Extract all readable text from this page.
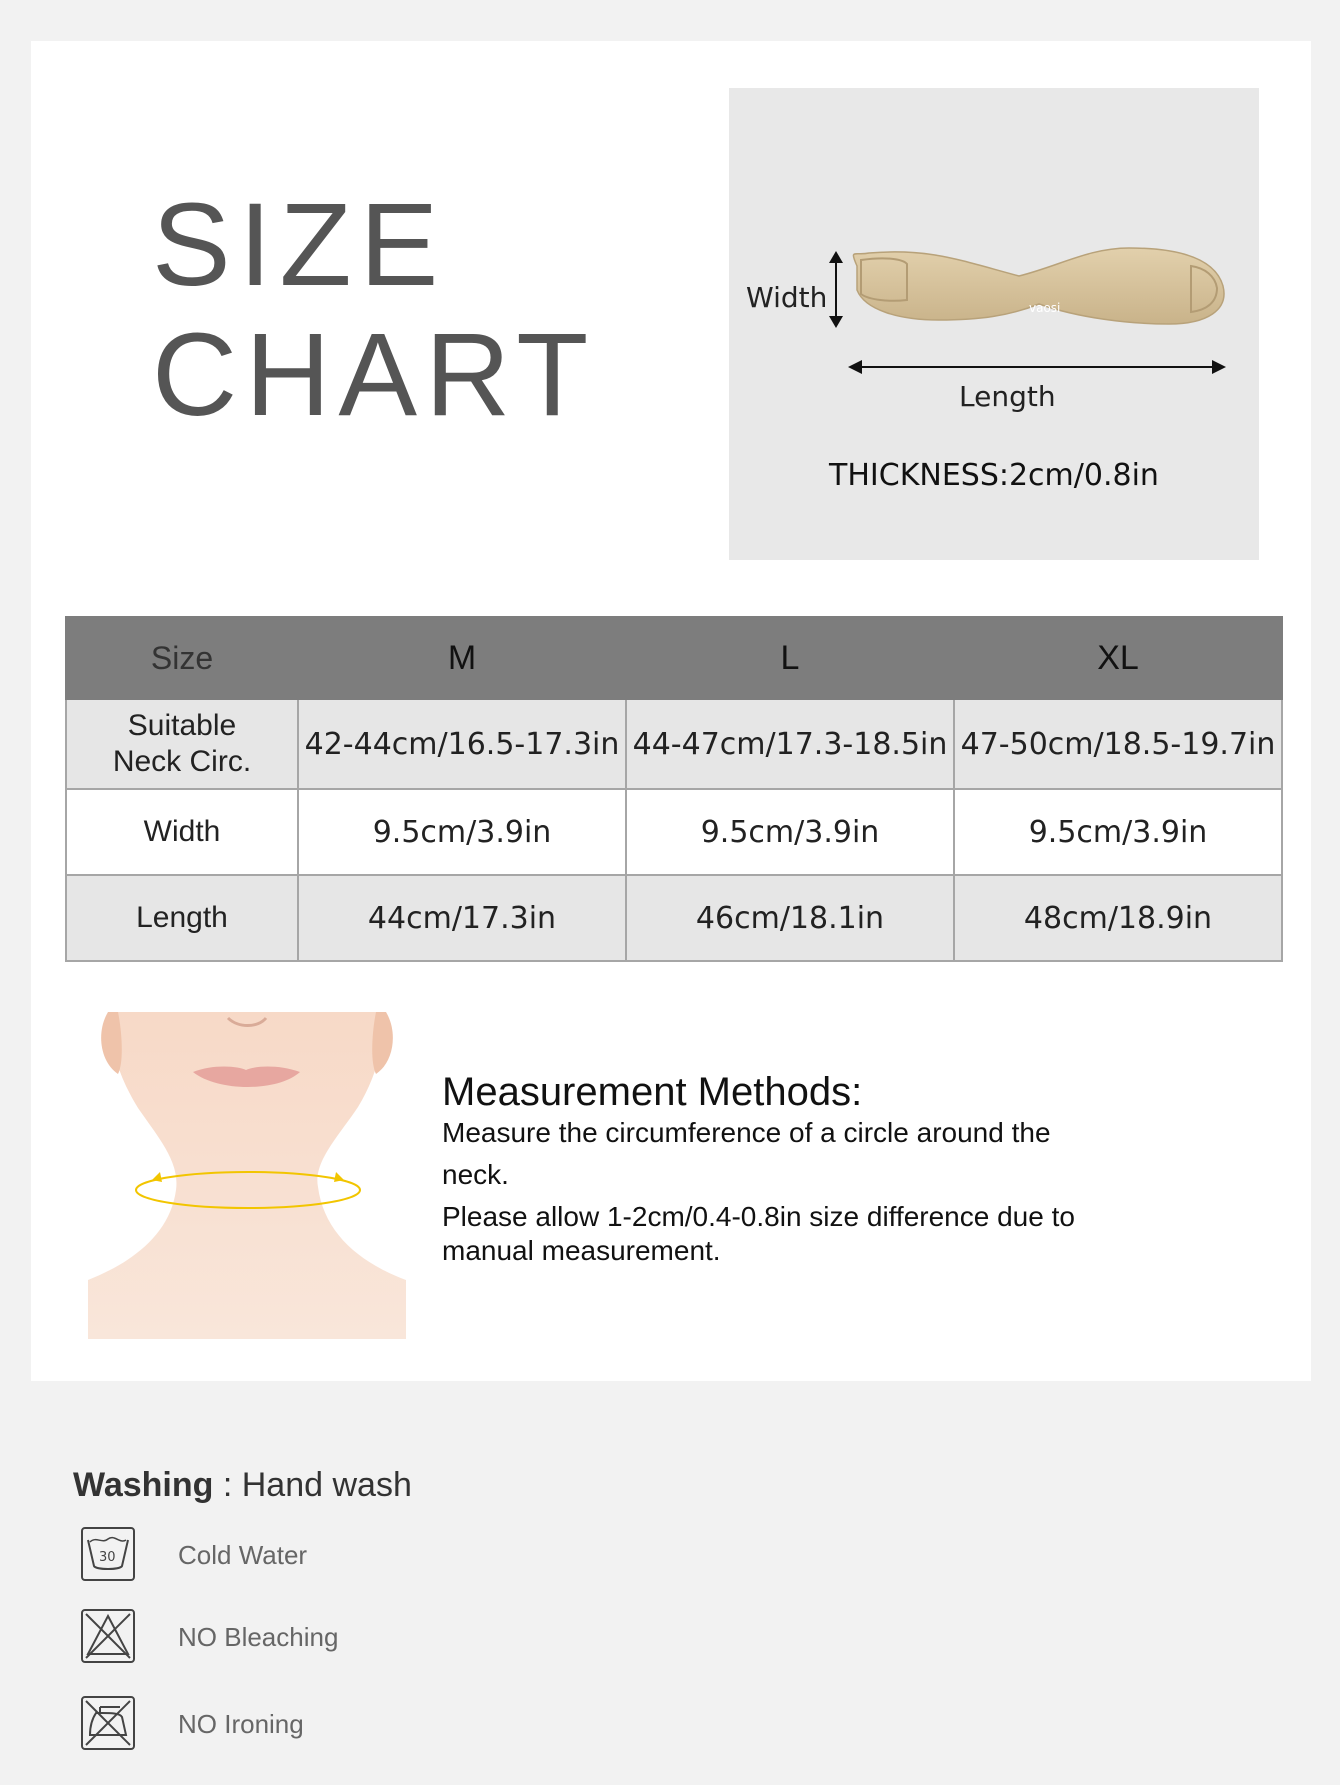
SIZE
CHART
vaosi
Width
Length
THICKNESS:2cm/0.8in
Size	M	L	XL

Suitable
Neck Circ.	42-44cm/16.5-17.3in	44-47cm/17.3-18.5in	47-50cm/18.5-19.7in
Width	9.5cm/3.9in	9.5cm/3.9in	9.5cm/3.9in
Length	44cm/17.3in	46cm/18.1in	48cm/18.9in
Measurement Methods:

Measure the circumference of a circle around the

neck.

Please allow 1-2cm/0.4-0.8in size difference due to

manual measurement.

Washing : Hand wash
30 Cold Water
NO Bleaching
NO Ironing
